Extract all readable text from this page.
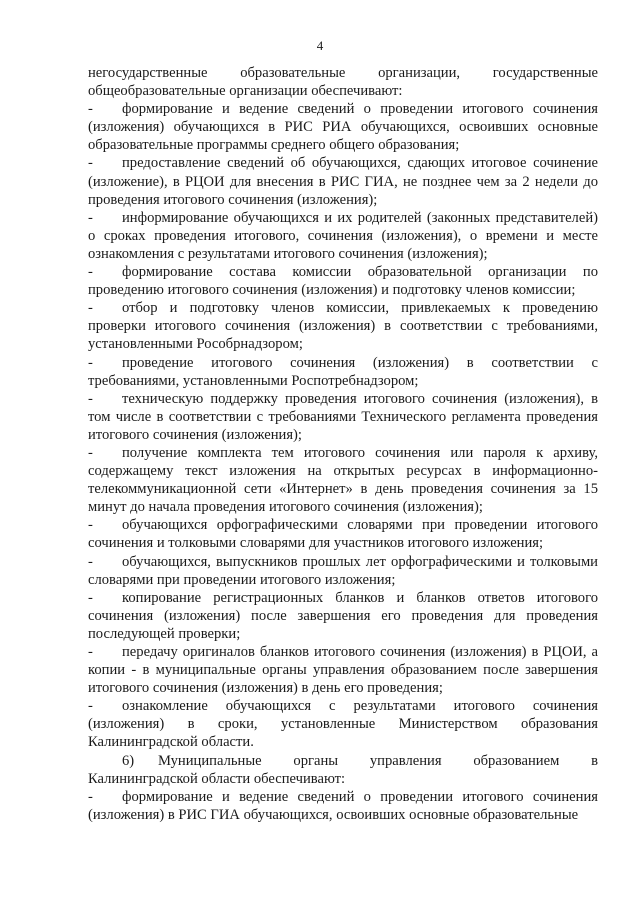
4

негосударственные образовательные организации, государственные общеобразовательные организации обеспечивают:

- формирование и ведение сведений о проведении итогового сочинения (изложения) обучающихся в РИС РИА обучающихся, освоивших основные образовательные программы среднего общего образования;

- предоставление сведений об обучающихся, сдающих итоговое сочинение (изложение), в РЦОИ для внесения в РИС ГИА, не позднее чем за 2 недели до проведения итогового сочинения (изложения);

- информирование обучающихся и их родителей (законных представителей) о сроках проведения итогового, сочинения (изложения), о времени и месте ознакомления с результатами итогового сочинения (изложения);

- формирование состава комиссии образовательной организации по проведению итогового сочинения (изложения) и подготовку членов комиссии;

- отбор и подготовку членов комиссии, привлекаемых к проведению проверки итогового сочинения (изложения) в соответствии с требованиями, установленными Рособрнадзором;

- проведение итогового сочинения (изложения) в соответствии с требованиями, установленными Роспотребнадзором;

- техническую поддержку проведения итогового сочинения (изложения), в том числе в соответствии с требованиями Технического регламента проведения итогового сочинения (изложения);

- получение комплекта тем итогового сочинения или пароля к архиву, содержащему текст изложения на открытых ресурсах в информационно-телекоммуникационной сети «Интернет» в день проведения сочинения за 15 минут до начала проведения итогового сочинения (изложения);

- обучающихся орфографическими словарями при проведении итогового сочинения и толковыми словарями для участников итогового изложения;

- обучающихся, выпускников прошлых лет орфографическими и толковыми словарями при проведении итогового изложения;

- копирование регистрационных бланков и бланков ответов итогового сочинения (изложения) после завершения его проведения для проведения последующей проверки;

- передачу оригиналов бланков итогового сочинения (изложения) в РЦОИ, а копии - в муниципальные органы управления образованием после завершения итогового сочинения (изложения) в день его проведения;

- ознакомление обучающихся с результатами итогового сочинения (изложения) в сроки, установленные Министерством образования Калининградской области.

6) Муниципальные органы управления образованием в Калининградской области обеспечивают:

- формирование и ведение сведений о проведении итогового сочинения (изложения) в РИС ГИА обучающихся, освоивших основные образовательные
